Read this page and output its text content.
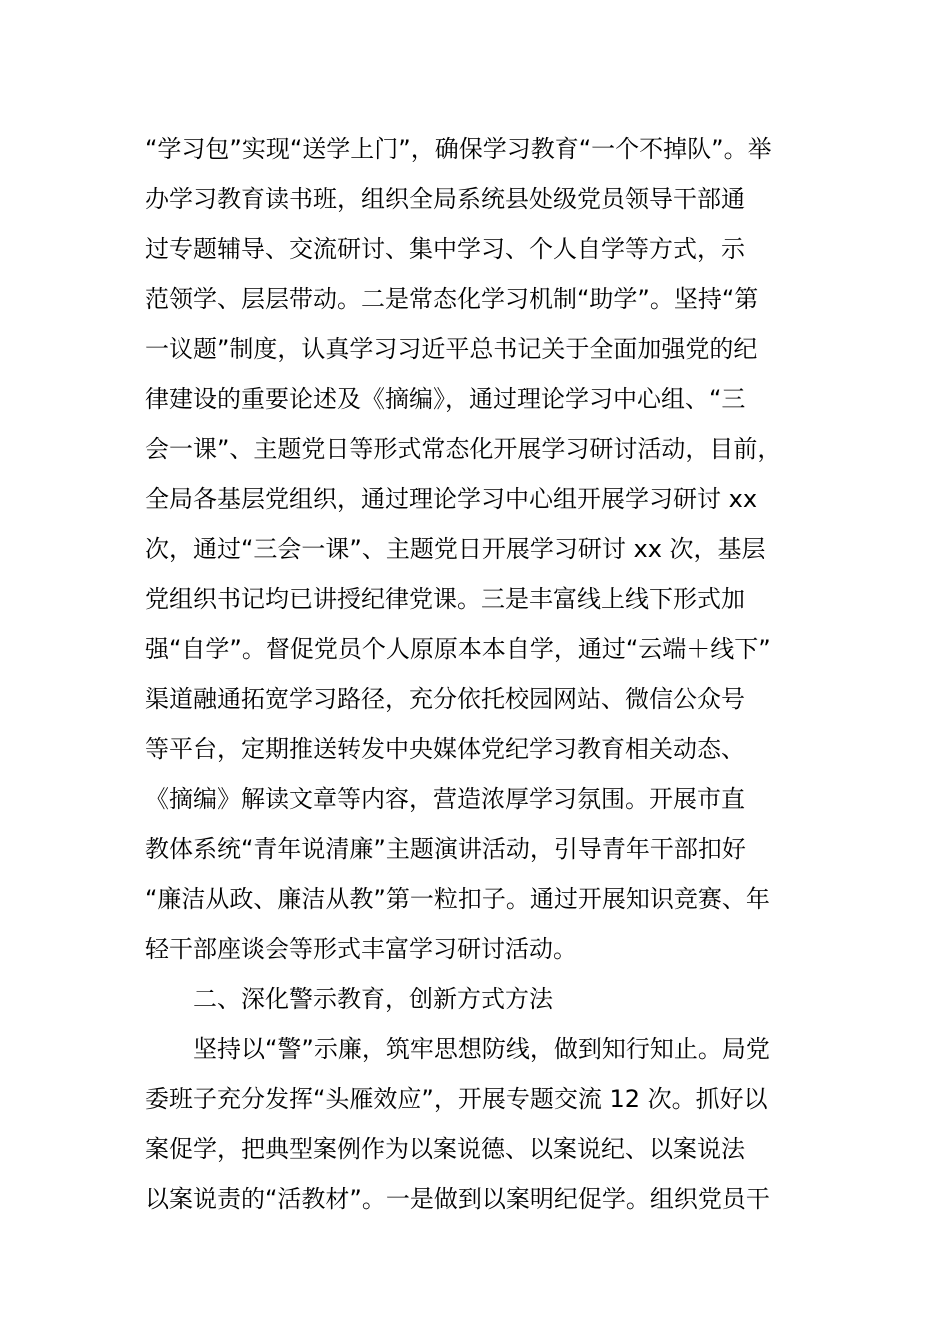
“学习包”实现“送学上门”，确保学习教育“一个不掉队”。举
办学习教育读书班，组织全局系统县处级党员领导干部通
过专题辅导、交流研讨、集中学习、个人自学等方式，示
范领学、层层带动。二是常态化学习机制“助学”。坚持“第
一议题”制度，认真学习习近平总书记关于全面加强党的纪
律建设的重要论述及《摘编》，通过理论学习中心组、“三
会一课”、主题党日等形式常态化开展学习研讨活动，目前，
全局各基层党组织，通过理论学习中心组开展学习研讨 xx
次，通过“三会一课”、主题党日开展学习研讨 xx 次，基层
党组织书记均已讲授纪律党课。三是丰富线上线下形式加
强“自学”。督促党员个人原原本本自学，通过“云端＋线下”
渠道融通拓宽学习路径，充分依托校园网站、微信公众号
等平台，定期推送转发中央媒体党纪学习教育相关动态、
《摘编》解读文章等内容，营造浓厚学习氛围。开展市直
教体系统“青年说清廉”主题演讲活动，引导青年干部扣好
“廉洁从政、廉洁从教”第一粒扣子。通过开展知识竞赛、年
轻干部座谈会等形式丰富学习研讨活动。
二、深化警示教育，创新方式方法
坚持以“警”示廉，筑牢思想防线，做到知行知止。局党
委班子充分发挥“头雁效应”，开展专题交流 12 次。抓好以
案促学，把典型案例作为以案说德、以案说纪、以案说法
以案说责的“活教材”。一是做到以案明纪促学。组织党员干
